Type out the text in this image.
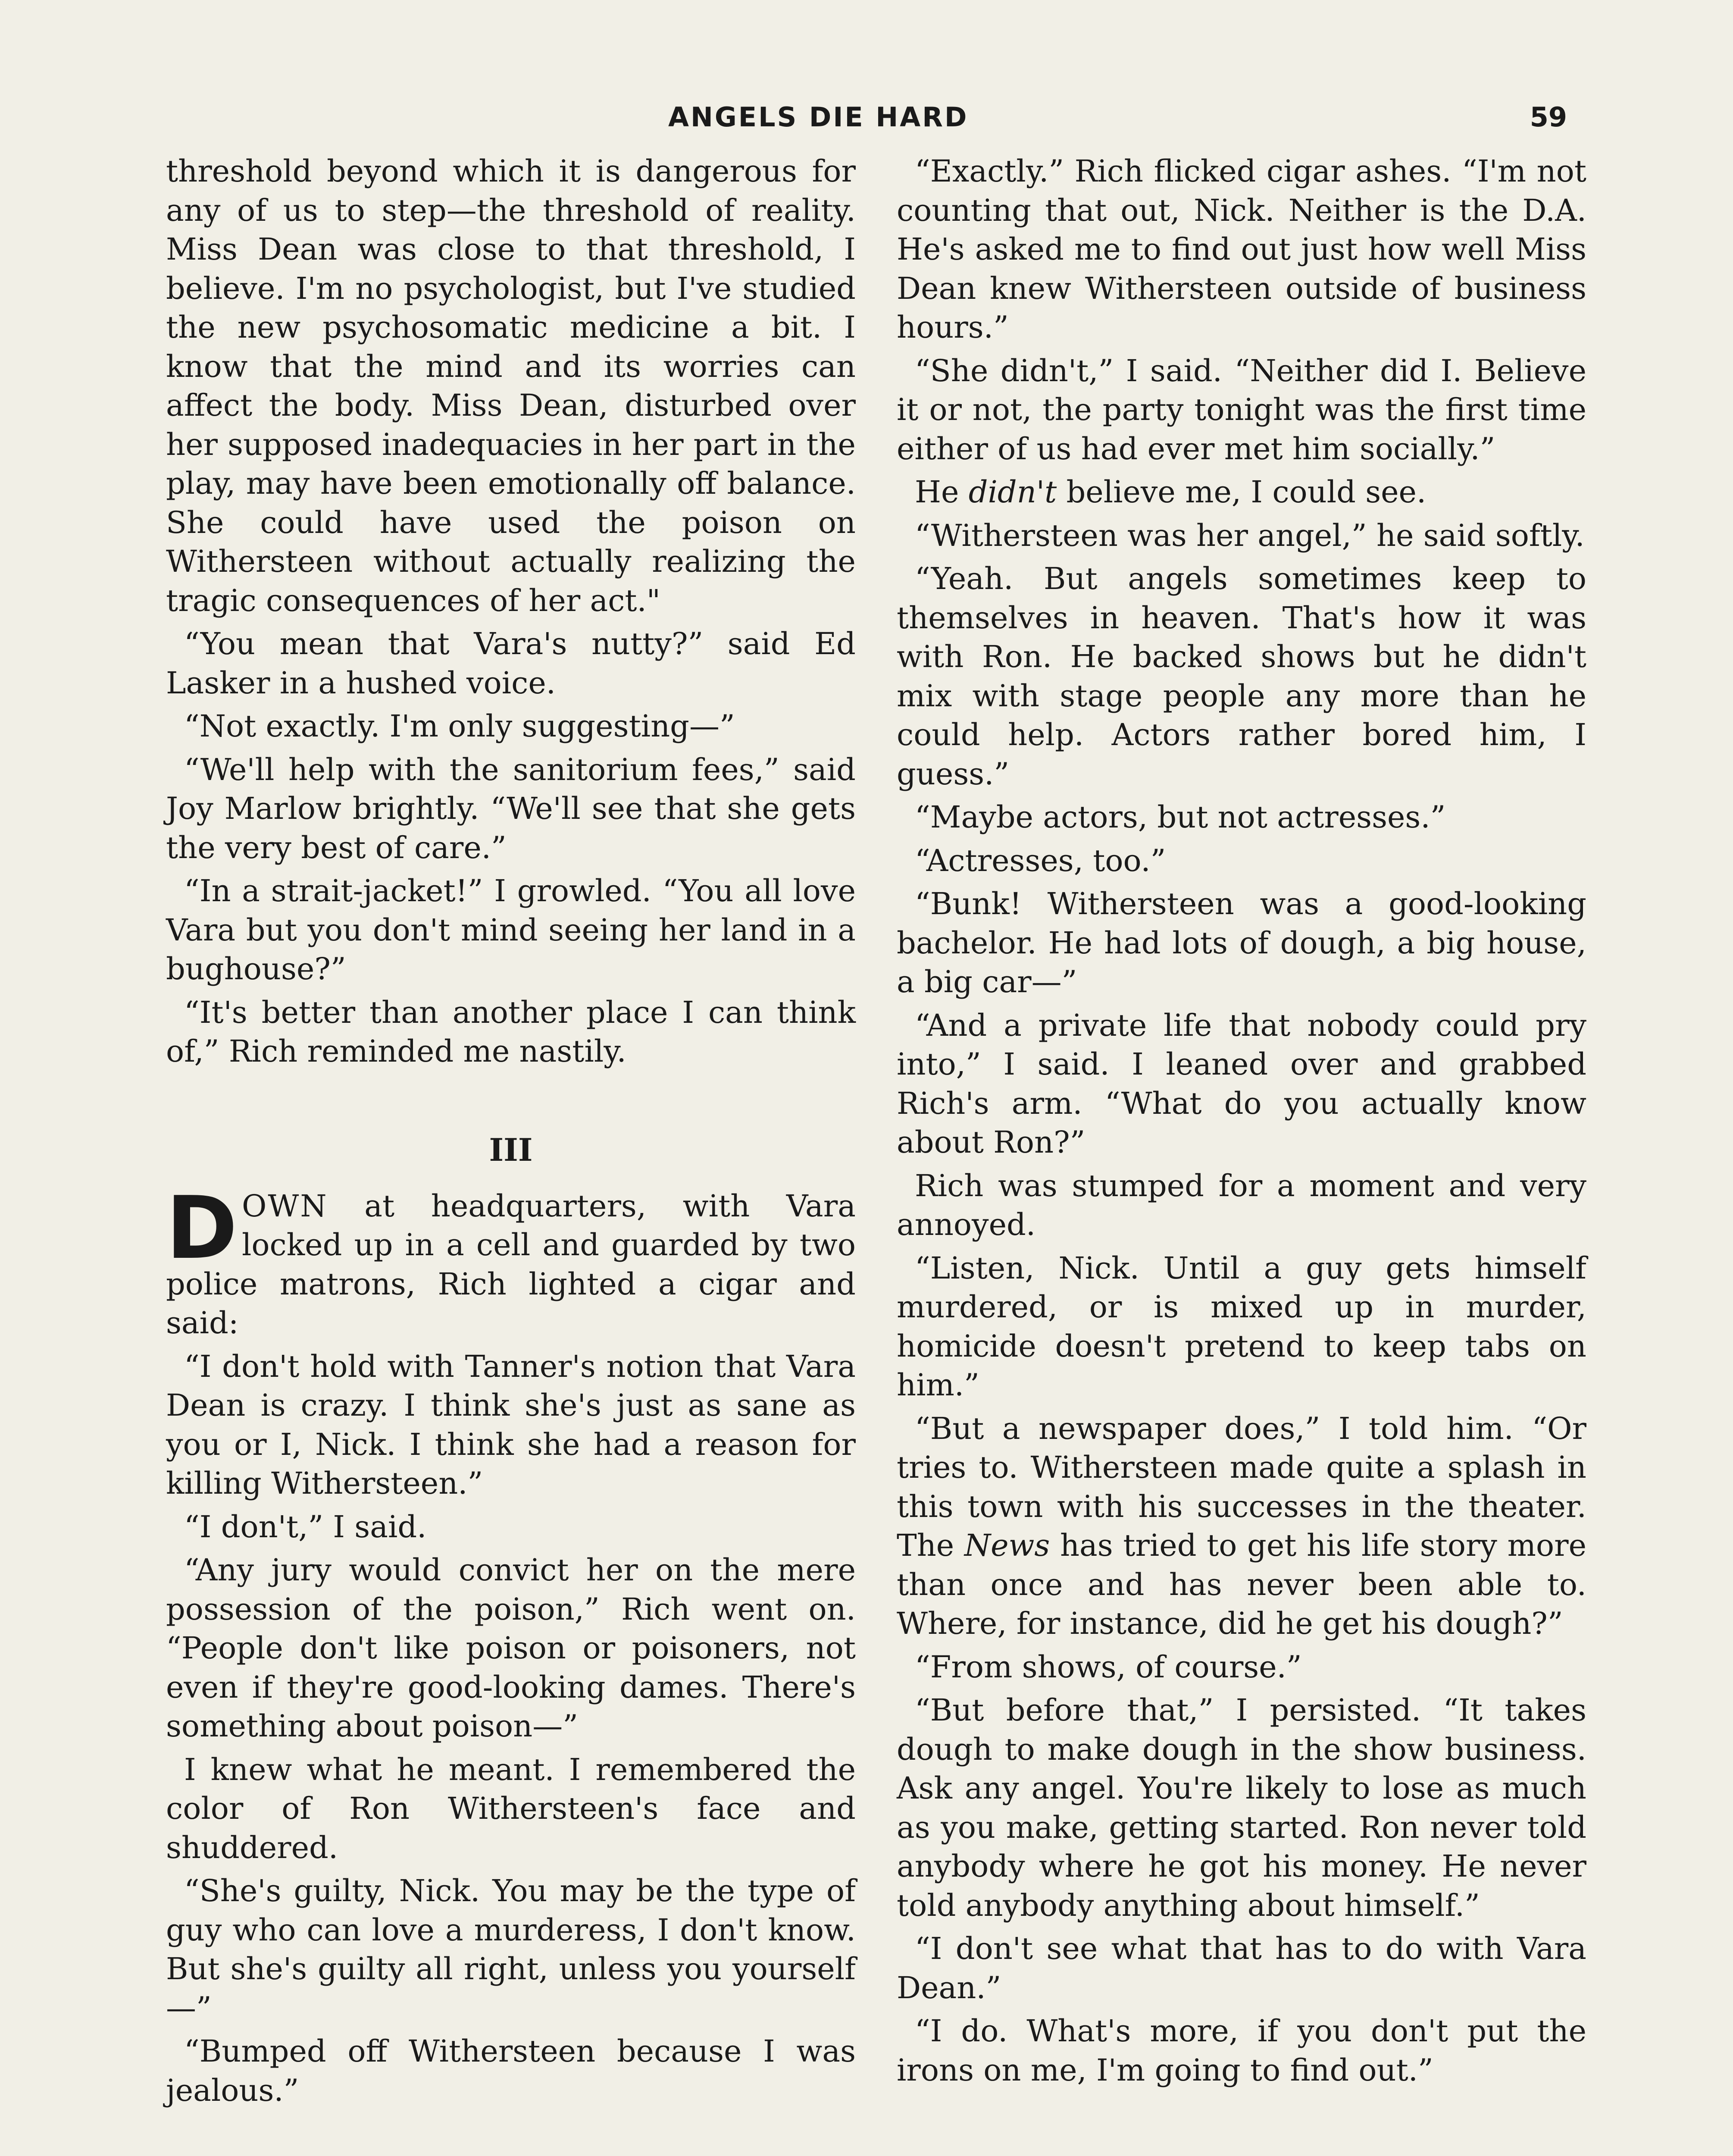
ANGELS DIE HARD	59

threshold beyond which it is dangerous for any of us to step—the threshold of reality. Miss Dean was close to that threshold, I believe. I'm no psychologist, but I've studied the new psychosomatic medicine a bit. I know that the mind and its worries can affect the body. Miss Dean, disturbed over her supposed inadequacies in her part in the play, may have been emotionally off balance. She could have used the poison on Withersteen without actually realizing the tragic consequences of her act."

“You mean that Vara's nutty?” said Ed Lasker in a hushed voice.

“Not exactly. I'm only suggesting—”

“We'll help with the sanitorium fees,” said Joy Marlow brightly. “We'll see that she gets the very best of care.”

“In a strait-jacket!” I growled. “You all love Vara but you don't mind seeing her land in a bughouse?”

“It's better than another place I can think of,” Rich reminded me nastily.

III

DOWN at headquarters, with Vara locked up in a cell and guarded by two police matrons, Rich lighted a cigar and said:

“I don't hold with Tanner's notion that Vara Dean is crazy. I think she's just as sane as you or I, Nick. I think she had a reason for killing Withersteen.”

“I don't,” I said.

“Any jury would convict her on the mere possession of the poison,” Rich went on. “People don't like poison or poisoners, not even if they're good-looking dames. There's something about poison—”

I knew what he meant. I remembered the color of Ron Withersteen's face and shuddered.

“She's guilty, Nick. You may be the type of guy who can love a murderess, I don't know. But she's guilty all right, unless you yourself—”

“Bumped off Withersteen because I was jealous.”

“Exactly.” Rich flicked cigar ashes. “I'm not counting that out, Nick. Neither is the D.A. He's asked me to find out just how well Miss Dean knew Withersteen outside of business hours.”

“She didn't,” I said. “Neither did I. Believe it or not, the party tonight was the first time either of us had ever met him socially.”

He didn't believe me, I could see.

“Withersteen was her angel,” he said softly.

“Yeah. But angels sometimes keep to themselves in heaven. That's how it was with Ron. He backed shows but he didn't mix with stage people any more than he could help. Actors rather bored him, I guess.”

“Maybe actors, but not actresses.”

“Actresses, too.”

“Bunk! Withersteen was a good-looking bachelor. He had lots of dough, a big house, a big car—”

“And a private life that nobody could pry into,” I said. I leaned over and grabbed Rich's arm. “What do you actually know about Ron?”

Rich was stumped for a moment and very annoyed.

“Listen, Nick. Until a guy gets himself murdered, or is mixed up in murder, homicide doesn't pretend to keep tabs on him.”

“But a newspaper does,” I told him. “Or tries to. Withersteen made quite a splash in this town with his successes in the theater. The News has tried to get his life story more than once and has never been able to. Where, for instance, did he get his dough?”

“From shows, of course.”

“But before that,” I persisted. “It takes dough to make dough in the show business. Ask any angel. You're likely to lose as much as you make, getting started. Ron never told anybody where he got his money. He never told anybody anything about himself.”

“I don't see what that has to do with Vara Dean.”

“I do. What's more, if you don't put the irons on me, I'm going to find out.”
